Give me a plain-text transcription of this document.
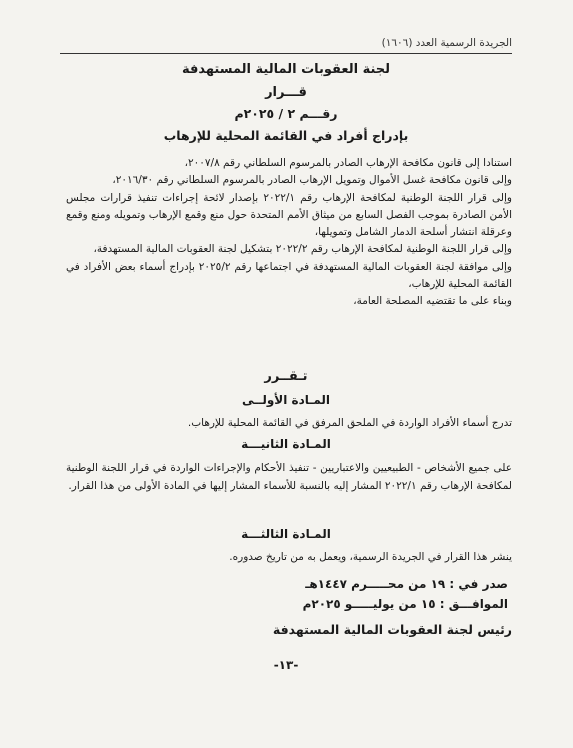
الجريدة الرسمية العدد (١٦٠٦)
لجنة العقوبات المالية المستهدفة
قـــرار
رقـــم ٢ / ٢٠٢٥م
بإدراج أفراد في القائمة المحلية للإرهاب

استنادا إلى قانون مكافحة الإرهاب الصادر بالمرسوم السلطاني رقم ٢٠٠٧/٨،

وإلى قانون مكافحة غسل الأموال وتمويل الإرهاب الصادر بالمرسوم السلطاني رقم ٢٠١٦/٣٠،

وإلى قرار اللجنة الوطنية لمكافحة الإرهاب رقم ٢٠٢٢/١ بإصدار لائحة إجراءات تنفيذ قرارات مجلس الأمن الصادرة بموجب الفصل السابع من ميثاق الأمم المتحدة حول منع وقمع الإرهاب وتمويله ومنع وقمع وعرقلة انتشار أسلحة الدمار الشامل وتمويلها،

وإلى قرار اللجنة الوطنية لمكافحة الإرهاب رقم ٢٠٢٢/٢ بتشكيل لجنة العقوبات المالية المستهدفة،

وإلى موافقة لجنة العقوبات المالية المستهدفة في اجتماعها رقم ٢٠٢٥/٢ بإدراج أسماء بعض الأفراد في القائمة المحلية للإرهاب،

وبناء على ما تقتضيه المصلحة العامة،

تـقــرر
المـادة الأولــى

تدرج أسماء الأفراد الواردة في الملحق المرفق في القائمة المحلية للإرهاب.

المـادة الثانيـــة

على جميع الأشخاص - الطبيعيين والاعتباريين - تنفيذ الأحكام والإجراءات الواردة في قرار اللجنة الوطنية لمكافحة الإرهاب رقم ٢٠٢٢/١ المشار إليه بالنسبة للأسماء المشار إليها في المادة الأولى من هذا القرار.

المـادة الثالثـــة

ينشر هذا القرار في الجريدة الرسمية، ويعمل به من تاريخ صدوره.

صدر في : ١٩ من محـــــرم ١٤٤٧هـ
الموافـــق : ١٥ من يوليـــــو ٢٠٢٥م
رئيس لجنة العقوبات المالية المستهدفة
-١٣-
